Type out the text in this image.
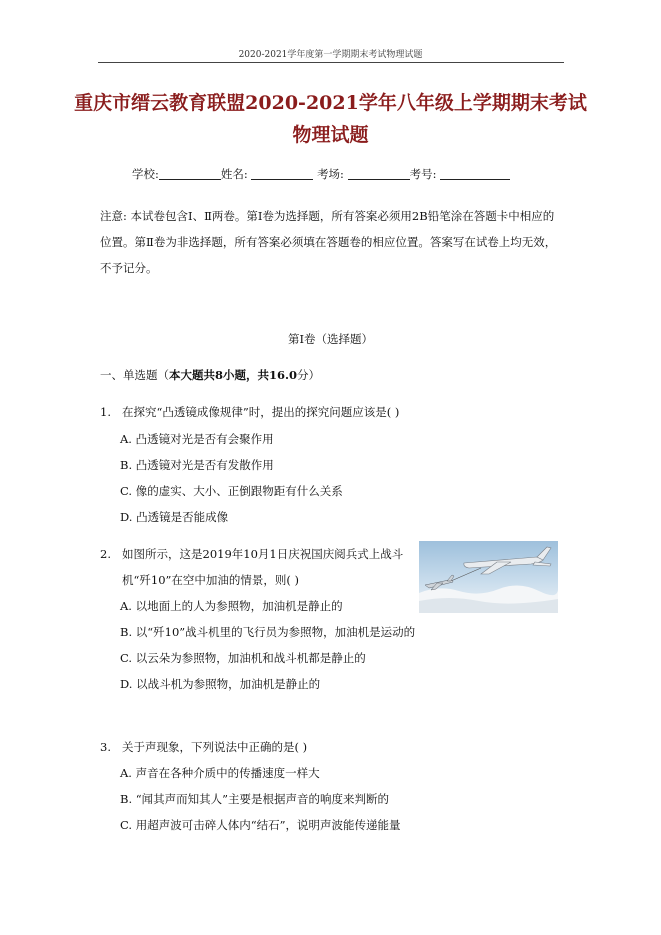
2020-2021学年度第一学期期末考试物理试题
重庆市缙云教育联盟2020-2021学年八年级上学期期末考试
物理试题
学校:	姓名:	考场:	考号:
注意: 本试卷包含Ⅰ、Ⅱ两卷。第Ⅰ卷为选择题，所有答案必须用2B铅笔涂在答题卡中相应的位置。第Ⅱ卷为非选择题，所有答案必须填在答题卷的相应位置。答案写在试卷上均无效，不予记分。
第Ⅰ卷（选择题）
一、单选题（本大题共8小题，共16.0分）
1. 在探究“凸透镜成像规律”时，提出的探究问题应该是( )
A. 凸透镜对光是否有会聚作用
B. 凸透镜对光是否有发散作用
C. 像的虚实、大小、正倒跟物距有什么关系
D. 凸透镜是否能成像
2. 如图所示，这是2019年10月1日庆祝国庆阅兵式上战斗
机“歼10”在空中加油的情景，则( )
A. 以地面上的人为参照物，加油机是静止的
B. 以“歼10”战斗机里的飞行员为参照物，加油机是运动的
C. 以云朵为参照物，加油机和战斗机都是静止的
D. 以战斗机为参照物，加油机是静止的
3. 关于声现象，下列说法中正确的是( )
A. 声音在各种介质中的传播速度一样大
B. “闻其声而知其人”主要是根据声音的响度来判断的
C. 用超声波可击碎人体内“结石”，说明声波能传递能量
